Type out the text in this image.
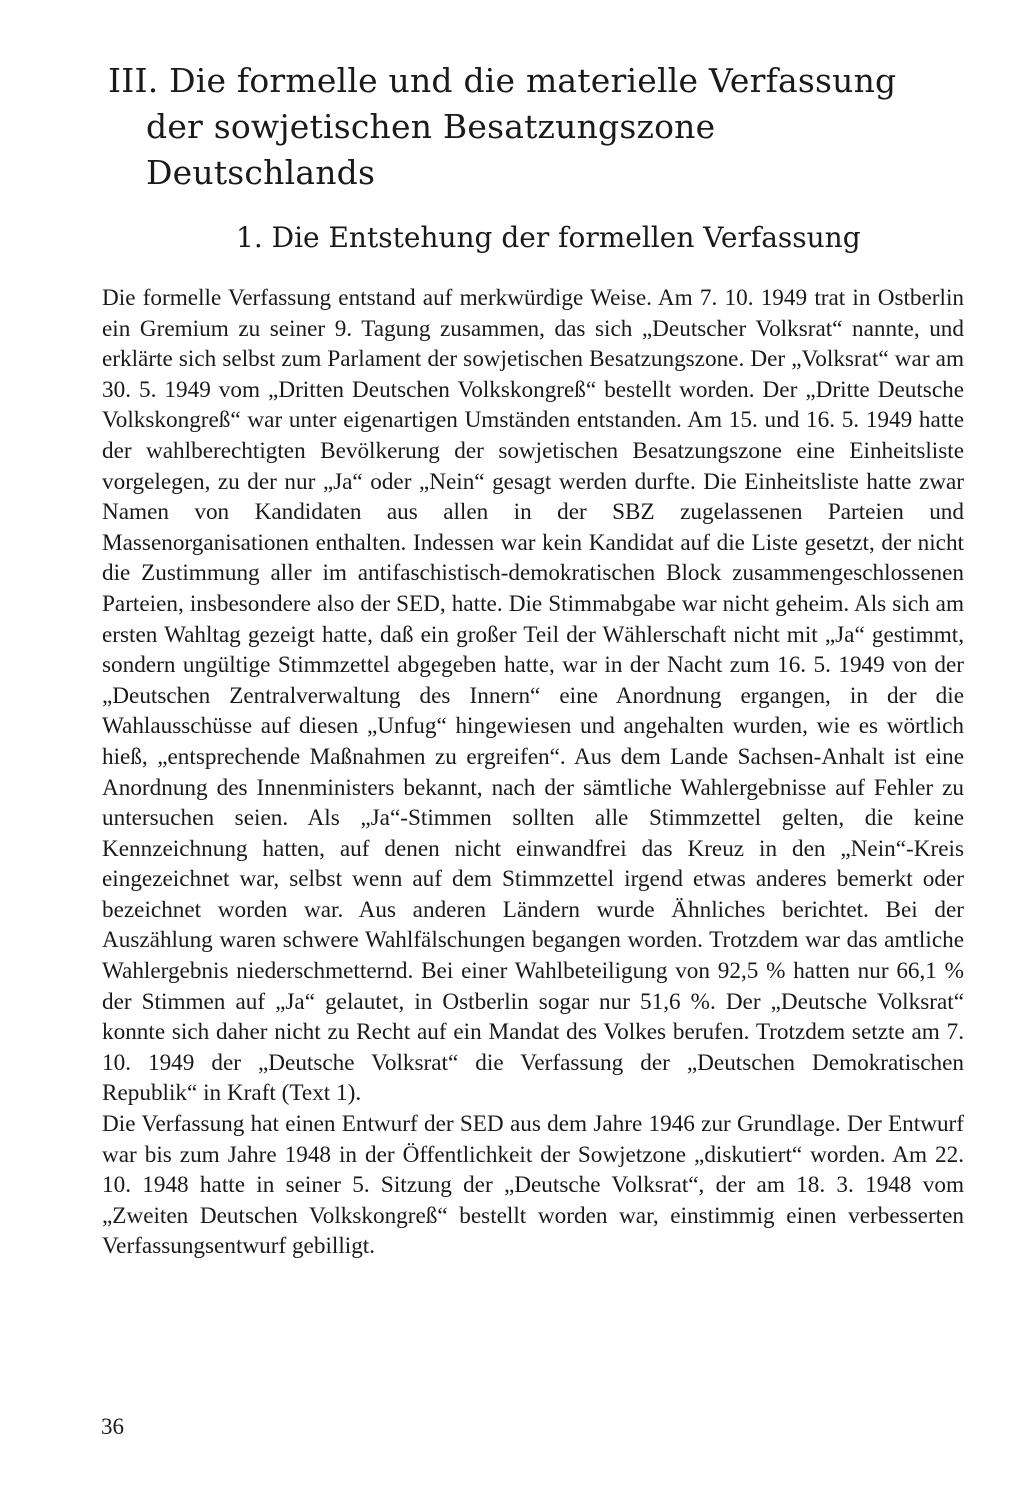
III. Die formelle und die materielle Verfassung
der sowjetischen Besatzungszone Deutschlands
1. Die Entstehung der formellen Verfassung

Die formelle Verfassung entstand auf merkwürdige Weise. Am 7. 10. 1949 trat in Ostberlin ein Gremium zu seiner 9. Tagung zusammen, das sich „Deutscher Volksrat“ nannte, und erklärte sich selbst zum Parlament der sowjetischen Besatzungszone. Der „Volksrat“ war am 30. 5. 1949 vom „Dritten Deutschen Volkskongreß“ bestellt worden. Der „Dritte Deutsche Volkskongreß“ war unter eigenartigen Umständen entstanden. Am 15. und 16. 5. 1949 hatte der wahlberechtigten Bevölkerung der sowjetischen Besatzungszone eine Einheitsliste vorgelegen, zu der nur „Ja“ oder „Nein“ gesagt werden durfte. Die Einheitsliste hatte zwar Namen von Kandidaten aus allen in der SBZ zugelassenen Parteien und Massenorganisationen enthalten. Indessen war kein Kandidat auf die Liste gesetzt, der nicht die Zustimmung aller im antifaschistisch-demokratischen Block zusammengeschlossenen Parteien, insbesondere also der SED, hatte. Die Stimmabgabe war nicht geheim. Als sich am ersten Wahltag gezeigt hatte, daß ein großer Teil der Wählerschaft nicht mit „Ja“ gestimmt, sondern ungültige Stimmzettel abgegeben hatte, war in der Nacht zum 16. 5. 1949 von der „Deutschen Zentralverwaltung des Innern“ eine Anordnung ergangen, in der die Wahlausschüsse auf diesen „Unfug“ hingewiesen und angehalten wurden, wie es wörtlich hieß, „entsprechende Maßnahmen zu ergreifen“. Aus dem Lande Sachsen-Anhalt ist eine Anordnung des Innenministers bekannt, nach der sämtliche Wahlergebnisse auf Fehler zu untersuchen seien. Als „Ja“-Stimmen sollten alle Stimmzettel gelten, die keine Kennzeichnung hatten, auf denen nicht einwandfrei das Kreuz in den „Nein“-Kreis eingezeichnet war, selbst wenn auf dem Stimmzettel irgend etwas anderes bemerkt oder bezeichnet worden war. Aus anderen Ländern wurde Ähnliches berichtet. Bei der Auszählung waren schwere Wahlfälschungen begangen worden. Trotzdem war das amtliche Wahlergebnis niederschmetternd. Bei einer Wahlbeteiligung von 92,5 % hatten nur 66,1 % der Stimmen auf „Ja“ gelautet, in Ostberlin sogar nur 51,6 %. Der „Deutsche Volksrat“ konnte sich daher nicht zu Recht auf ein Mandat des Volkes berufen. Trotzdem setzte am 7. 10. 1949 der „Deutsche Volksrat“ die Verfassung der „Deutschen Demokratischen Republik“ in Kraft (Text 1).

Die Verfassung hat einen Entwurf der SED aus dem Jahre 1946 zur Grundlage. Der Entwurf war bis zum Jahre 1948 in der Öffentlichkeit der Sowjetzone „diskutiert“ worden. Am 22. 10. 1948 hatte in seiner 5. Sitzung der „Deutsche Volksrat“, der am 18. 3. 1948 vom „Zweiten Deutschen Volkskongreß“ bestellt worden war, einstimmig einen verbesserten Verfassungsentwurf gebilligt.

36
